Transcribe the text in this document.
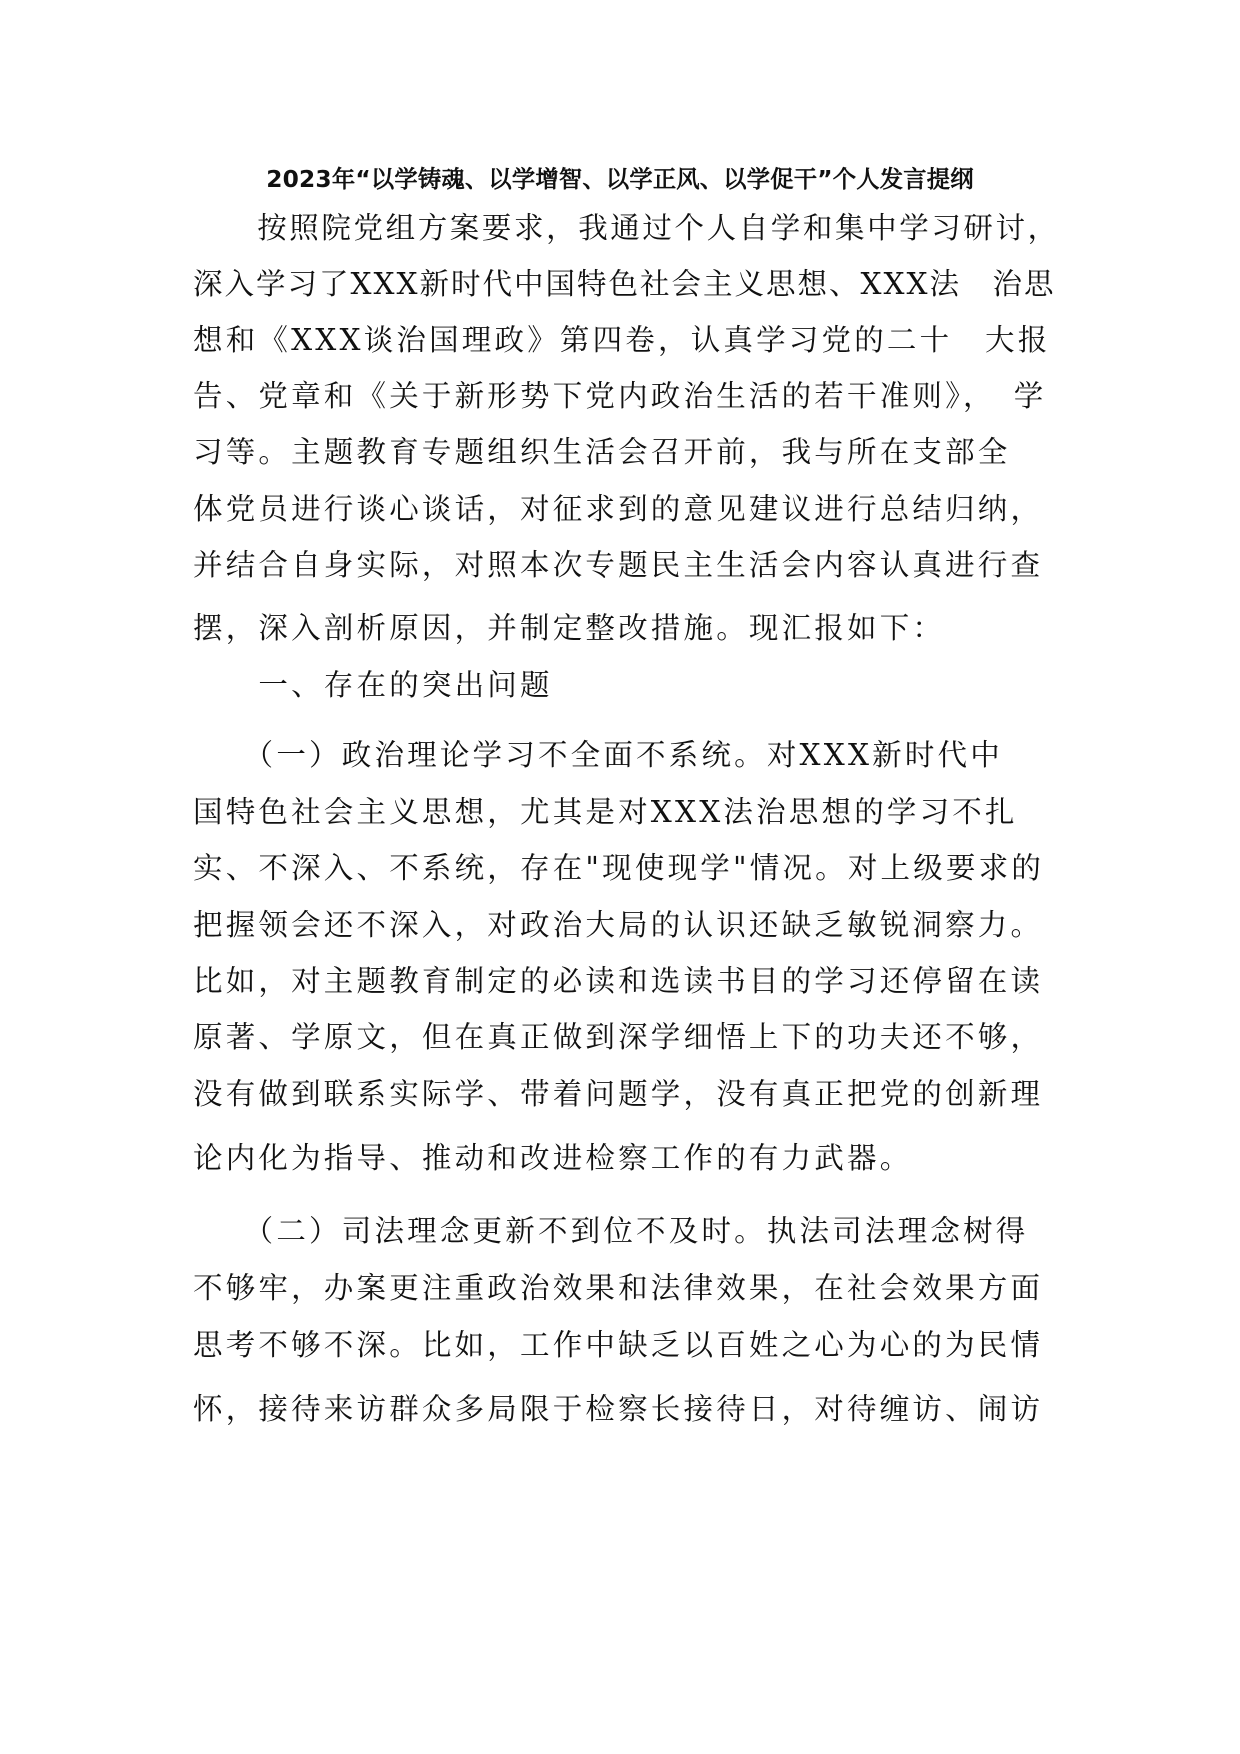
2023年“以学铸魂、以学增智、以学正风、以学促干”个人发言提纲
　　按照院党组方案要求，我通过个人自学和集中学习研讨，
深入学习了XXX新时代中国特色社会主义思想、XXX法　治思
想和《XXX谈治国理政》第四卷，认真学习党的二十　大报
告、党章和《关于新形势下党内政治生活的若干准则》，　学
习等。主题教育专题组织生活会召开前，我与所在支部全
体党员进行谈心谈话，对征求到的意见建议进行总结归纳，
并结合自身实际，对照本次专题民主生活会内容认真进行查
摆，深入剖析原因，并制定整改措施。现汇报如下：
　　一、存在的突出问题
　　（一）政治理论学习不全面不系统。对XXX新时代中
国特色社会主义思想，尤其是对XXX法治思想的学习不扎
实、不深入、不系统，存在"现使现学"情况。对上级要求的
把握领会还不深入，对政治大局的认识还缺乏敏锐洞察力。
比如，对主题教育制定的必读和选读书目的学习还停留在读
原著、学原文，但在真正做到深学细悟上下的功夫还不够，
没有做到联系实际学、带着问题学，没有真正把党的创新理
论内化为指导、推动和改进检察工作的有力武器。
　　（二）司法理念更新不到位不及时。执法司法理念树得
不够牢，办案更注重政治效果和法律效果，在社会效果方面
思考不够不深。比如，工作中缺乏以百姓之心为心的为民情
怀，接待来访群众多局限于检察长接待日，对待缠访、闹访
